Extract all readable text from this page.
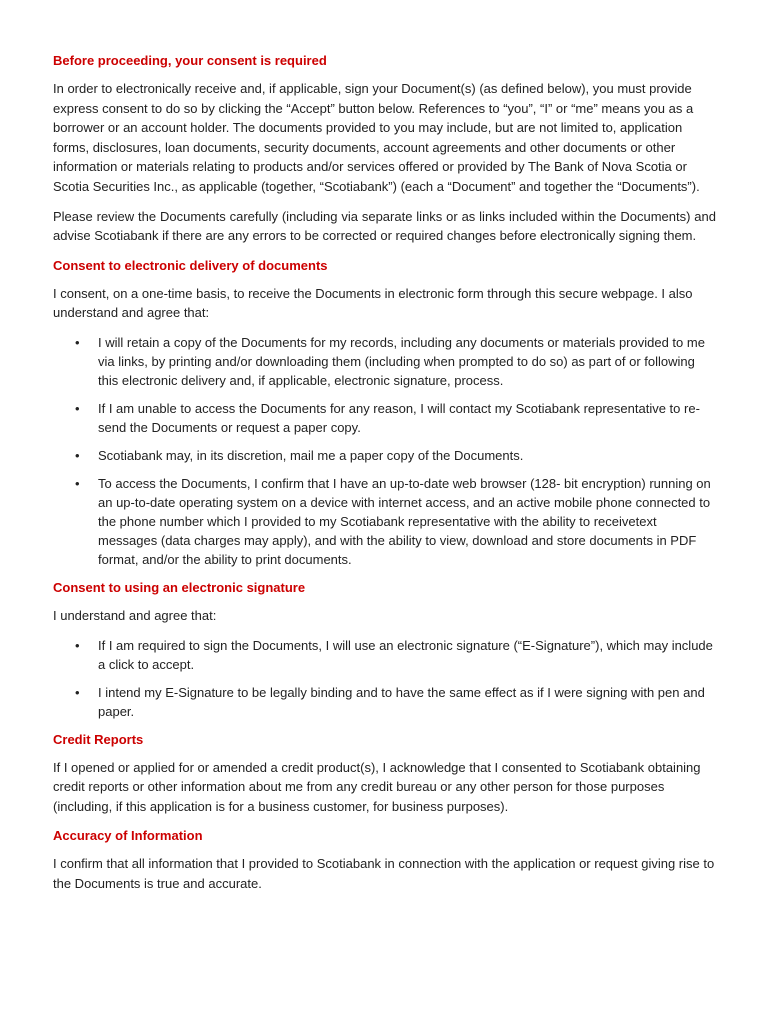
Before proceeding, your consent is required

In order to electronically receive and, if applicable, sign your Document(s) (as defined below), you must provide express consent to do so by clicking the “Accept” button below. References to “you”, “I” or “me” means you as a borrower or an account holder. The documents provided to you may include, but are not limited to, application forms, disclosures, loan documents, security documents, account agreements and other documents or other information or materials relating to products and/or services offered or provided by The Bank of Nova Scotia or Scotia Securities Inc., as applicable (together, “Scotiabank”) (each a “Document” and together the “Documents”).

Please review the Documents carefully (including via separate links or as links included within the Documents) and advise Scotiabank if there are any errors to be corrected or required changes before electronically signing them.

Consent to electronic delivery of documents

I consent, on a one-time basis, to receive the Documents in electronic form through this secure webpage. I also understand and agree that:

• I will retain a copy of the Documents for my records, including any documents or materials provided to me via links, by printing and/or downloading them (including when prompted to do so) as part of or following this electronic delivery and, if applicable, electronic signature, process.
• If I am unable to access the Documents for any reason, I will contact my Scotiabank representative to re-send the Documents or request a paper copy.
• Scotiabank may, in its discretion, mail me a paper copy of the Documents.
• To access the Documents, I confirm that I have an up-to-date web browser (128- bit encryption) running on an up-to-date operating system on a device with internet access, and an active mobile phone connected to the phone number which I provided to my Scotiabank representative with the ability to receivetext messages (data charges may apply), and with the ability to view, download and store documents in PDF format, and/or the ability to print documents.
Consent to using an electronic signature

I understand and agree that:

• If I am required to sign the Documents, I will use an electronic signature (“E-Signature”), which may include a click to accept.
• I intend my E-Signature to be legally binding and to have the same effect as if I were signing with pen and paper.
Credit Reports

If I opened or applied for or amended a credit product(s), I acknowledge that I consented to Scotiabank obtaining credit reports or other information about me from any credit bureau or any other person for those purposes (including, if this application is for a business customer, for business purposes).

Accuracy of Information

I confirm that all information that I provided to Scotiabank in connection with the application or request giving rise to the Documents is true and accurate.
